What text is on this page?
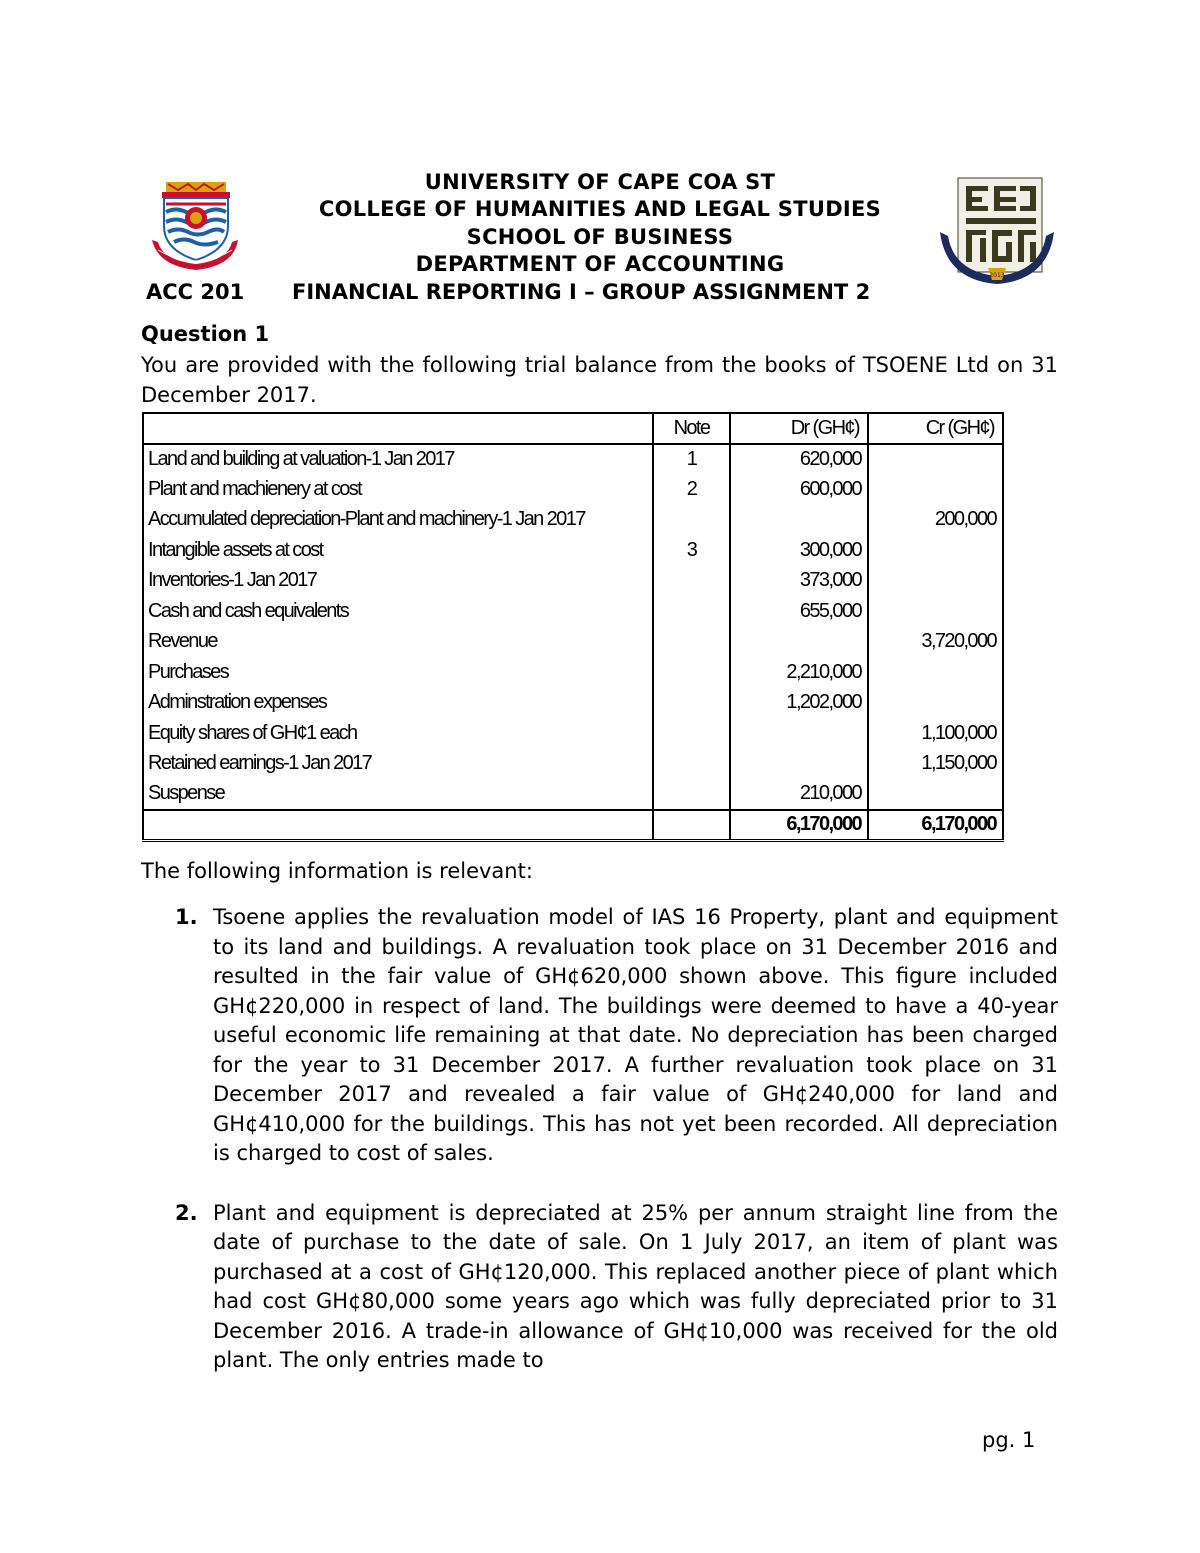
2013
UNIVERSITY OF CAPE COA ST
COLLEGE OF HUMANITIES AND LEGAL STUDIES
SCHOOL OF BUSINESS
DEPARTMENT OF ACCOUNTING
ACC 201 FINANCIAL REPORTING I – GROUP ASSIGNMENT 2
Question 1
You are provided with the following trial balance from the books of TSOENE Ltd on 31 December 2017.
	Note	Dr (GH¢)	Cr (GH¢)
Land and building at valuation-1 Jan 2017	1	620,000	
Plant and machienery at cost	2	600,000	
Accumulated depreciation-Plant and machinery-1 Jan 2017			200,000
Intangible assets at cost	3	300,000	
Inventories-1 Jan 2017		373,000	
Cash and cash equivalents		655,000	
Revenue			3,720,000
Purchases		2,210,000	
Adminstration expenses		1,202,000	
Equity shares of GH¢1 each			1,100,000
Retained earnings-1 Jan 2017			1,150,000
Suspense		210,000	
		6,170,000	6,170,000
The following information is relevant:
1. Tsoene applies the revaluation model of IAS 16 Property, plant and equipment to its land and buildings. A revaluation took place on 31 December 2016 and resulted in the fair value of GH¢620,000 shown above. This figure included GH¢220,000 in respect of land. The buildings were deemed to have a 40-year useful economic life remaining at that date. No depreciation has been charged for the year to 31 December 2017. A further revaluation took place on 31 December 2017 and revealed a fair value of GH¢240,000 for land and GH¢410,000 for the buildings. This has not yet been recorded. All depreciation is charged to cost of sales.
2. Plant and equipment is depreciated at 25% per annum straight line from the date of purchase to the date of sale. On 1 July 2017, an item of plant was purchased at a cost of GH¢120,000. This replaced another piece of plant which had cost GH¢80,000 some years ago which was fully depreciated prior to 31 December 2016. A trade-in allowance of GH¢10,000 was received for the old plant. The only entries made to
pg. 1
